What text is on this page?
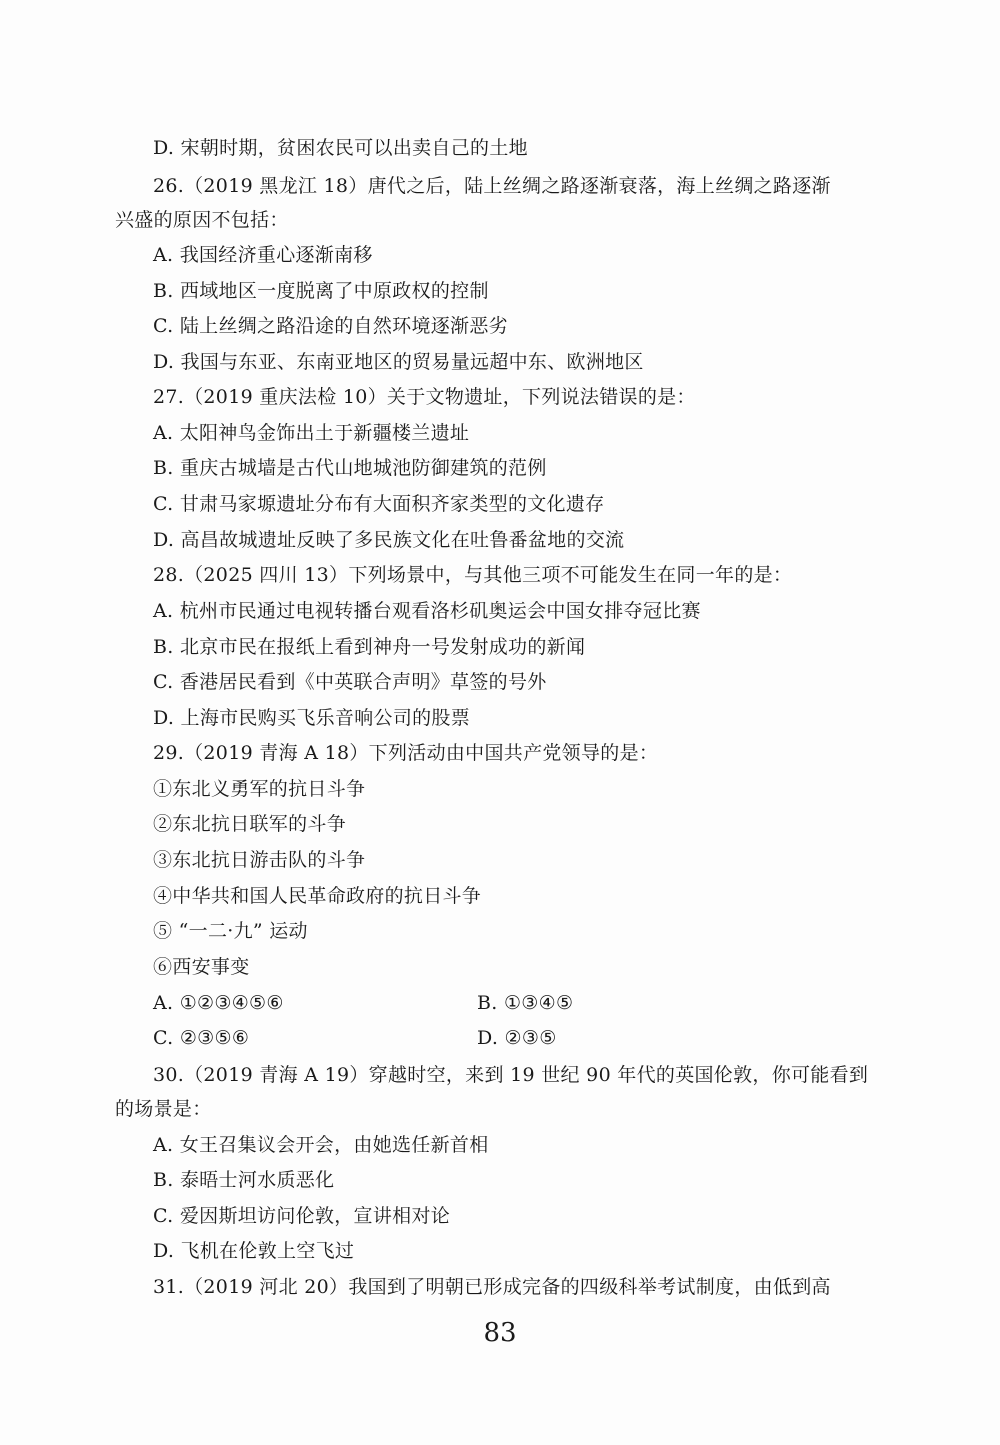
D. 宋朝时期，贫困农民可以出卖自己的土地
26.（2019 黑龙江 18）唐代之后，陆上丝绸之路逐渐衰落，海上丝绸之路逐渐
兴盛的原因不包括：
A. 我国经济重心逐渐南移
B. 西域地区一度脱离了中原政权的控制
C. 陆上丝绸之路沿途的自然环境逐渐恶劣
D. 我国与东亚、东南亚地区的贸易量远超中东、欧洲地区
27.（2019 重庆法检 10）关于文物遗址，下列说法错误的是：
A. 太阳神鸟金饰出土于新疆楼兰遗址
B. 重庆古城墙是古代山地城池防御建筑的范例
C. 甘肃马家塬遗址分布有大面积齐家类型的文化遗存
D. 高昌故城遗址反映了多民族文化在吐鲁番盆地的交流
28.（2025 四川 13）下列场景中，与其他三项不可能发生在同一年的是：
A. 杭州市民通过电视转播台观看洛杉矶奥运会中国女排夺冠比赛
B. 北京市民在报纸上看到神舟一号发射成功的新闻
C. 香港居民看到《中英联合声明》草签的号外
D. 上海市民购买飞乐音响公司的股票
29.（2019 青海 A 18）下列活动由中国共产党领导的是：
①东北义勇军的抗日斗争
②东北抗日联军的斗争
③东北抗日游击队的斗争
④中华共和国人民革命政府的抗日斗争
⑤ “一二·九” 运动
⑥西安事变
A. ①②③④⑤⑥	B. ①③④⑤
C. ②③⑤⑥	D. ②③⑤
30.（2019 青海 A 19）穿越时空，来到 19 世纪 90 年代的英国伦敦，你可能看到
的场景是：
A. 女王召集议会开会，由她选任新首相
B. 泰晤士河水质恶化
C. 爱因斯坦访问伦敦，宣讲相对论
D. 飞机在伦敦上空飞过
31.（2019 河北 20）我国到了明朝已形成完备的四级科举考试制度，由低到高
83
